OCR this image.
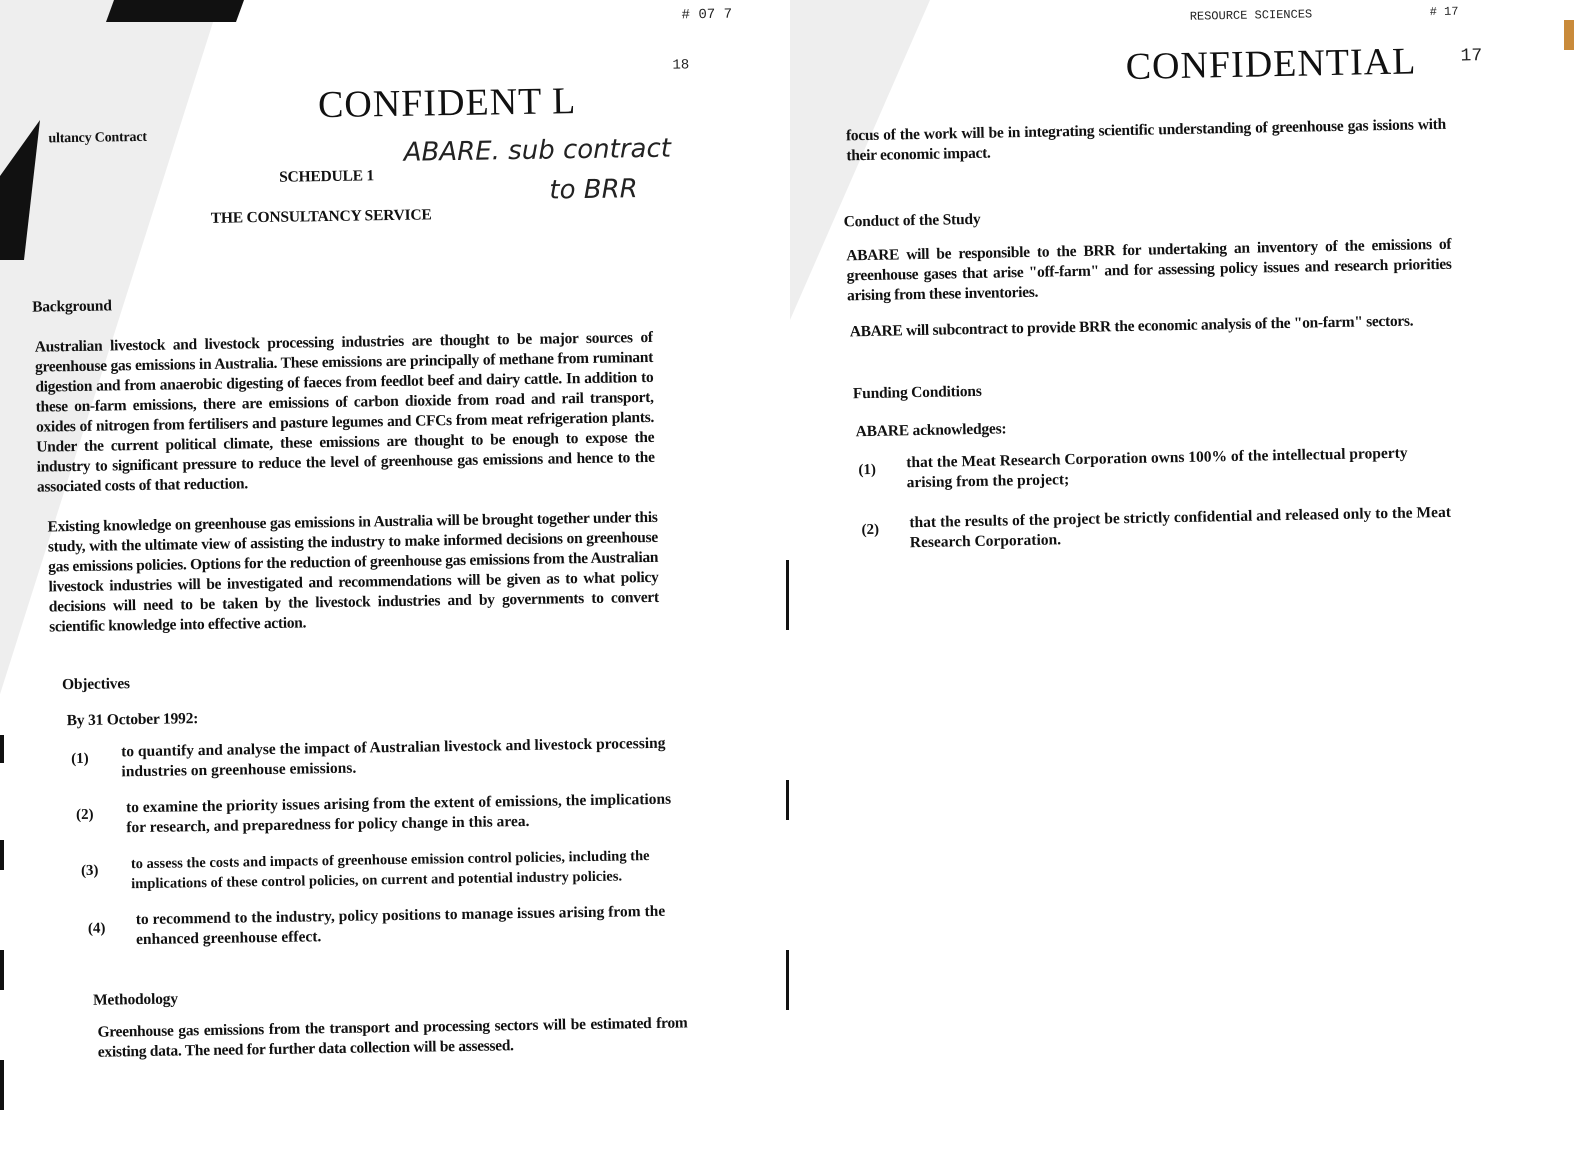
# 07 7
18
CONFIDENT L
ultancy Contract	ABARE. sub contract
to BRR
SCHEDULE 1
THE CONSULTANCY SERVICE
Background
Australian livestock and livestock processing industries are thought to be major sources of greenhouse gas emissions in Australia. These emissions are principally of methane from ruminant digestion and from anaerobic digesting of faeces from feedlot beef and dairy cattle. In addition to these on-farm emissions, there are emissions of carbon dioxide from road and rail transport, oxides of nitrogen from fertilisers and pasture legumes and CFCs from meat refrigeration plants. Under the current political climate, these emissions are thought to be enough to expose the industry to significant pressure to reduce the level of greenhouse gas emissions and hence to the associated costs of that reduction.
Existing knowledge on greenhouse gas emissions in Australia will be brought together under this study, with the ultimate view of assisting the industry to make informed decisions on greenhouse gas emissions policies. Options for the reduction of greenhouse gas emissions from the Australian livestock industries will be investigated and recommendations will be given as to what policy decisions will need to be taken by the livestock industries and by governments to convert scientific knowledge into effective action.
Objectives
By 31 October 1992:
(1) to quantify and analyse the impact of Australian livestock and livestock processing industries on greenhouse emissions.
(2) to examine the priority issues arising from the extent of emissions, the implications for research, and preparedness for policy change in this area.
(3) to assess the costs and impacts of greenhouse emission control policies, including the implications of these control policies, on current and potential industry policies.
(4)
to recommend to the industry, policy positions to manage issues arising from the enhanced greenhouse effect.
Methodology
Greenhouse gas emissions from the transport and processing sectors will be estimated from existing data. The need for further data collection will be assessed.
RESOURCE SCIENCES	# 17
CONFIDENTIAL 17
focus of the work will be in integrating scientific understanding of greenhouse gas issions with their economic impact.
Conduct of the Study
ABARE will be responsible to the BRR for undertaking an inventory of the emissions of greenhouse gases that arise "off-farm" and for assessing policy issues and research priorities arising from these inventories.
ABARE will subcontract to provide BRR the economic analysis of the "on-farm" sectors.
Funding Conditions
ABARE acknowledges:
(1) that the Meat Research Corporation owns 100% of the intellectual property arising from the project;
(2) that the results of the project be strictly confidential and released only to the Meat Research Corporation.
